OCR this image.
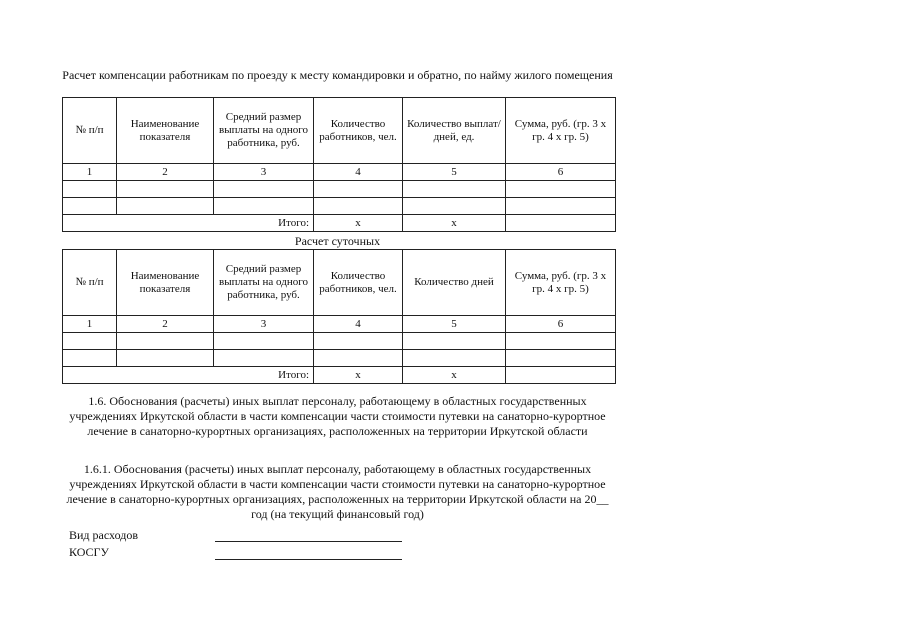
Расчет компенсации работникам по проезду к месту командировки и обратно, по найму жилого помещения
№ п/п	Наименование показателя	Средний размер выплаты на одного работника, руб.	Количество работников, чел.	Количество выплат/дней, ед.	Сумма, руб. (гр. 3 x гр. 4 x гр. 5)
1	2	3	4	5	6

Итого:			x	x	
Расчет суточных
№ п/п	Наименование показателя	Средний размер выплаты на одного работника, руб.	Количество работников, чел.	Количество дней	Сумма, руб. (гр. 3 x гр. 4 x гр. 5)
1	2	3	4	5	6

Итого:			x	x	
1.6. Обоснования (расчеты) иных выплат персоналу, работающему в областных государственных учреждениях Иркутской области в части компенсации части стоимости путевки на санаторно-курортное лечение в санаторно-курортных организациях, расположенных на территории Иркутской области
1.6.1. Обоснования (расчеты) иных выплат персоналу, работающему в областных государственных учреждениях Иркутской области в части компенсации части стоимости путевки на санаторно-курортное лечение в санаторно-курортных организациях, расположенных на территории Иркутской области на 20__ год (на текущий финансовый год)
Вид расходов
КОСГУ
